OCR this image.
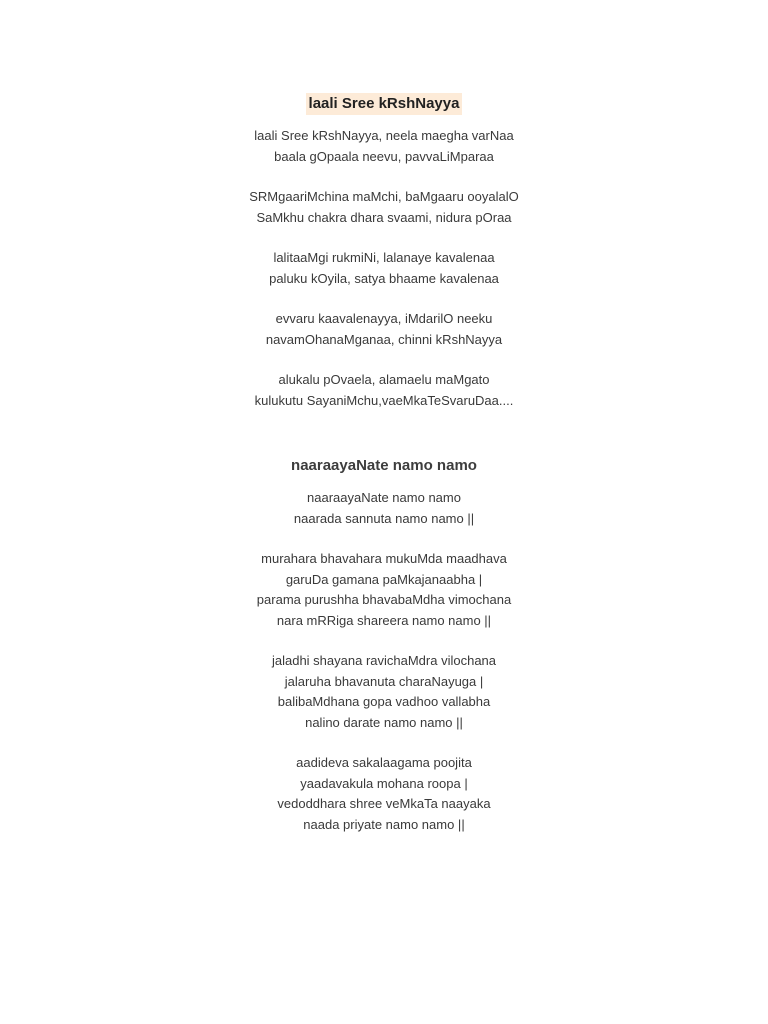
laali Sree kRshNayya
laali Sree kRshNayya, neela maegha varNaa
baala gOpaala neevu, pavvaLiMparaa
SRMgaariMchina maMchi, baMgaaru ooyalalO
SaMkhu chakra dhara svaami, nidura pOraa
lalitaaMgi rukmiNi, lalanaye kavalenaa
paluku kOyila, satya bhaame kavalenaa
evvaru kaavalenayya, iMdarilO neeku
navamOhanaMganaa, chinni kRshNayya
alukalu pOvaela, alamaelu maMgato
kulukutu SayaniMchu,vaeMkaTeSvaruDaa....
naaraayaNate namo namo
naaraayaNate namo namo
naarada sannuta namo namo ||
murahara bhavahara mukuMda maadhava
garuDa gamana paMkajanaabha |
parama purushha bhavabaMdha vimochana
nara mRRiga shareera namo namo ||
jaladhi shayana ravichaMdra vilochana
jalaruha bhavanuta charaNayuga |
balibaMdhana gopa vadhoo vallabha
nalino darate namo namo ||
aadideva sakalaagama poojita
yaadavakula mohana roopa |
vedoddhara shree veMkaTa naayaka
naada priyate namo namo ||
